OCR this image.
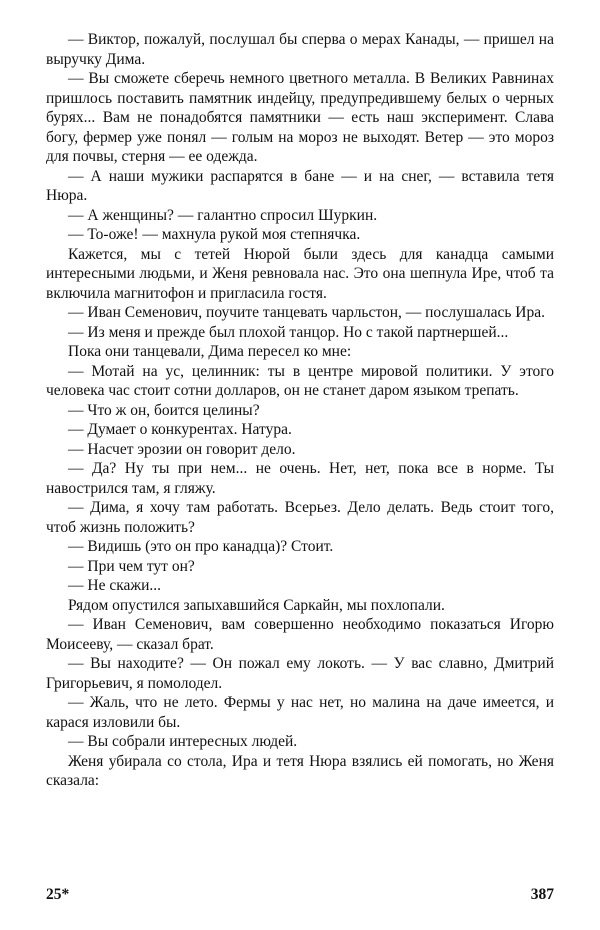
— Виктор, пожалуй, послушал бы сперва о мерах Канады, — пришел на выручку Дима.

— Вы сможете сберечь немного цветного металла. В Великих Равнинах пришлось поставить памятник индейцу, предупредившему белых о черных бурях... Вам не понадобятся памятники — есть наш эксперимент. Слава богу, фермер уже понял — голым на мороз не выходят. Ветер — это мороз для почвы, стерня — ее одежда.

— А наши мужики распарятся в бане — и на снег, — вставила тетя Нюра.

— А женщины? — галантно спросил Шуркин.

— То-оже! — махнула рукой моя степнячка.

Кажется, мы с тетей Нюрой были здесь для канадца самыми интересными людьми, и Женя ревновала нас. Это она шепнула Ире, чтоб та включила магнитофон и пригласила гостя.

— Иван Семенович, поучите танцевать чарльстон, — послушалась Ира.

— Из меня и прежде был плохой танцор. Но с такой партнершей...

Пока они танцевали, Дима пересел ко мне:

— Мотай на ус, целинник: ты в центре мировой политики. У этого человека час стоит сотни долларов, он не станет даром языком трепать.

— Что ж он, боится целины?

— Думает о конкурентах. Натура.

— Насчет эрозии он говорит дело.

— Да? Ну ты при нем... не очень. Нет, нет, пока все в норме. Ты навострился там, я гляжу.

— Дима, я хочу там работать. Всерьез. Дело делать. Ведь стоит того, чтоб жизнь положить?

— Видишь (это он про канадца)? Стоит.

— При чем тут он?

— Не скажи...

Рядом опустился запыхавшийся Саркайн, мы похлопали.

— Иван Семенович, вам совершенно необходимо показаться Игорю Моисееву, — сказал брат.

— Вы находите? — Он пожал ему локоть. — У вас славно, Дмитрий Григорьевич, я помолодел.

— Жаль, что не лето. Фермы у нас нет, но малина на даче имеется, и карася изловили бы.

— Вы собрали интересных людей.

Женя убирала со стола, Ира и тетя Нюра взялись ей помогать, но Женя сказала:

25*	387
